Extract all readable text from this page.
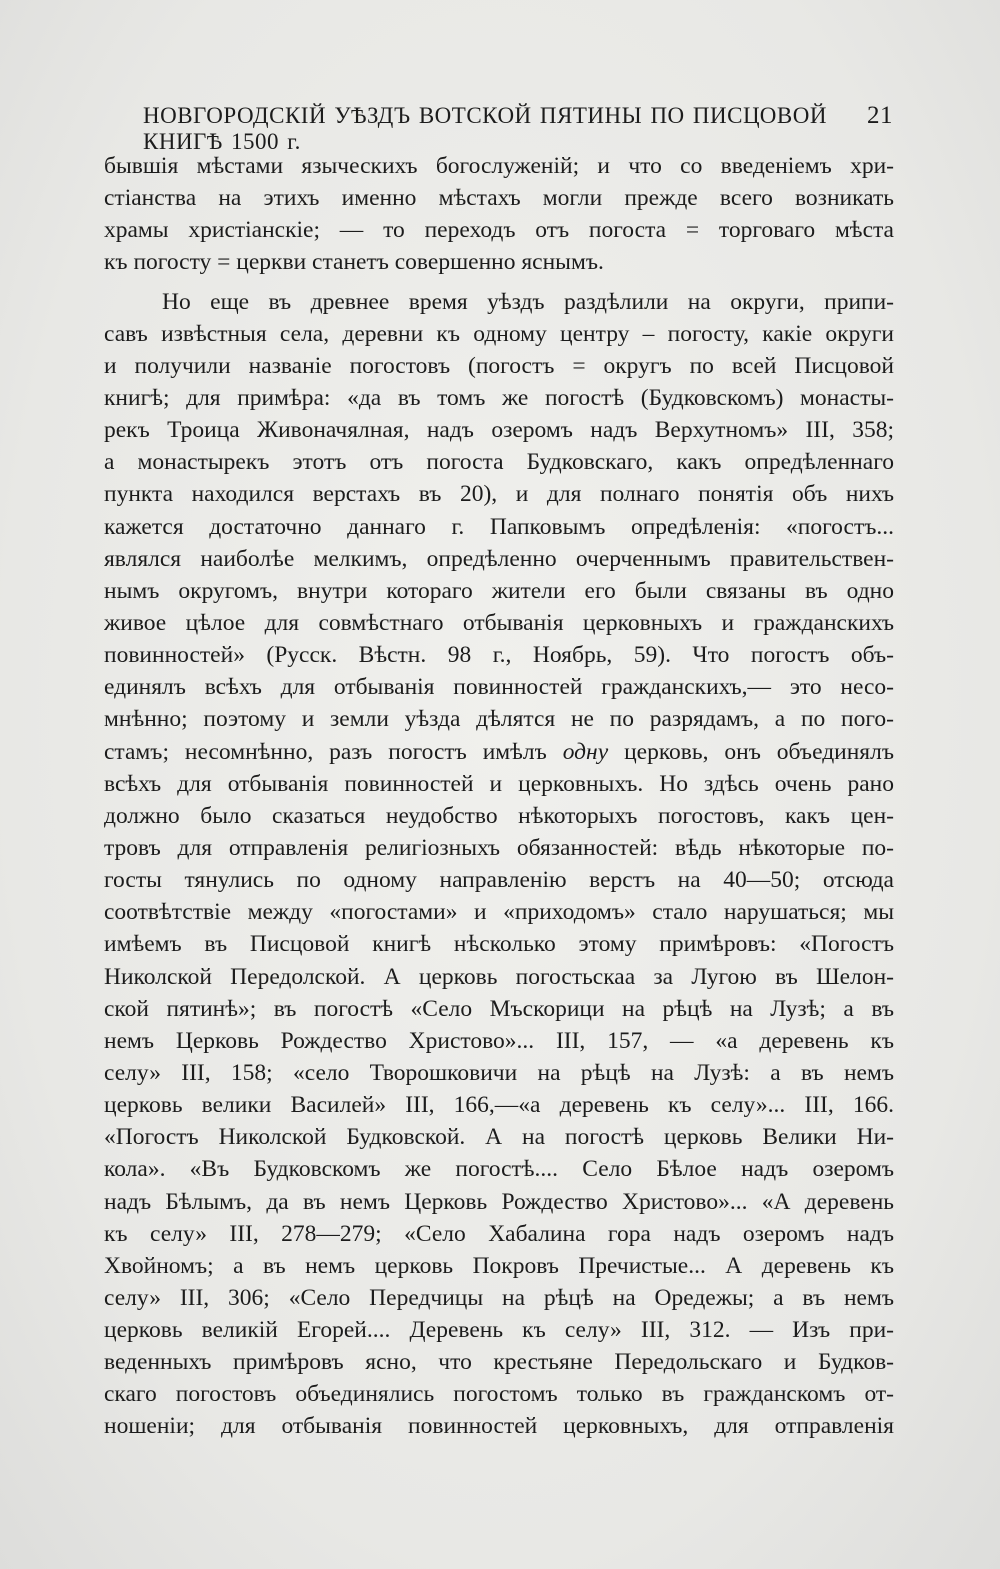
НОВГОРОДСКІЙ УѢЗДЪ ВОТСКОЙ ПЯТИНЫ ПО ПИСЦОВОЙ КНИГѢ 1500 г.
21
бывшія мѣстами языческихъ богослуженій; и что со введеніемъ хри-
стіанства на этихъ именно мѣстахъ могли прежде всего возникать
храмы христіанскіе; — то переходъ отъ погоста = торговаго мѣста
къ погосту = церкви станетъ совершенно яснымъ.
Но еще въ древнее время уѣздъ раздѣлили на округи, припи-
савъ извѣстныя села, деревни къ одному центру – погосту, какіе округи
и получили названіе погостовъ (погостъ = округъ по всей Писцовой
книгѣ; для примѣра: «да въ томъ же погостѣ (Будковскомъ) монасты-
рекъ Троица Живоначялная, надъ озеромъ надъ Верхутномъ» III, 358;
а монастырекъ этотъ отъ погоста Будковскаго, какъ опредѣленнаго
пункта находился верстахъ въ 20), и для полнаго понятія объ нихъ
кажется достаточно даннаго г. Папковымъ опредѣленія: «погостъ...
являлся наиболѣе мелкимъ, опредѣленно очерченнымъ правительствен-
нымъ округомъ, внутри котораго жители его были связаны въ одно
живое цѣлое для совмѣстнаго отбыванія церковныхъ и гражданскихъ
повинностей» (Русск. Вѣстн. 98 г., Ноябрь, 59). Что погостъ объ-
единялъ всѣхъ для отбыванія повинностей гражданскихъ,— это несо-
мнѣнно; поэтому и земли уѣзда дѣлятся не по разрядамъ, а по пого-
стамъ; несомнѣнно, разъ погостъ имѣлъ одну церковь, онъ объединялъ
всѣхъ для отбыванія повинностей и церковныхъ. Но здѣсь очень рано
должно было сказаться неудобство нѣкоторыхъ погостовъ, какъ цен-
тровъ для отправленія религіозныхъ обязанностей: вѣдь нѣкоторые по-
госты тянулись по одному направленію верстъ на 40—50; отсюда
соотвѣтствіе между «погостами» и «приходомъ» стало нарушаться; мы
имѣемъ въ Писцовой книгѣ нѣсколько этому примѣровъ: «Погостъ
Николской Передолской. А церковь погостьскаа за Лугою въ Шелон-
ской пятинѣ»; въ погостѣ «Село Мъскорици на рѣцѣ на Лузѣ; а въ
немъ Церковь Рождество Христово»... III, 157, — «а деревень къ
селу» III, 158; «село Творошковичи на рѣцѣ на Лузѣ: а въ немъ
церковь велики Василей» III, 166,—«а деревень къ селу»... III, 166.
«Погостъ Николской Будковской. А на погостѣ церковь Велики Ни-
кола». «Въ Будковскомъ же погостѣ.... Село Бѣлое надъ озеромъ
надъ Бѣлымъ, да въ немъ Церковь Рождество Христово»... «А деревень
къ селу» III, 278—279; «Село Хабалина гора надъ озеромъ надъ
Хвойномъ; а въ немъ церковь Покровъ Пречистые... А деревень къ
селу» III, 306; «Село Передчицы на рѣцѣ на Оредежы; а въ немъ
церковь великій Егорей.... Деревень къ селу» III, 312. — Изъ при-
веденныхъ примѣровъ ясно, что крестьяне Передольскаго и Будков-
скаго погостовъ объединялись погостомъ только въ гражданскомъ от-
ношеніи; для отбыванія повинностей церковныхъ, для отправленія
